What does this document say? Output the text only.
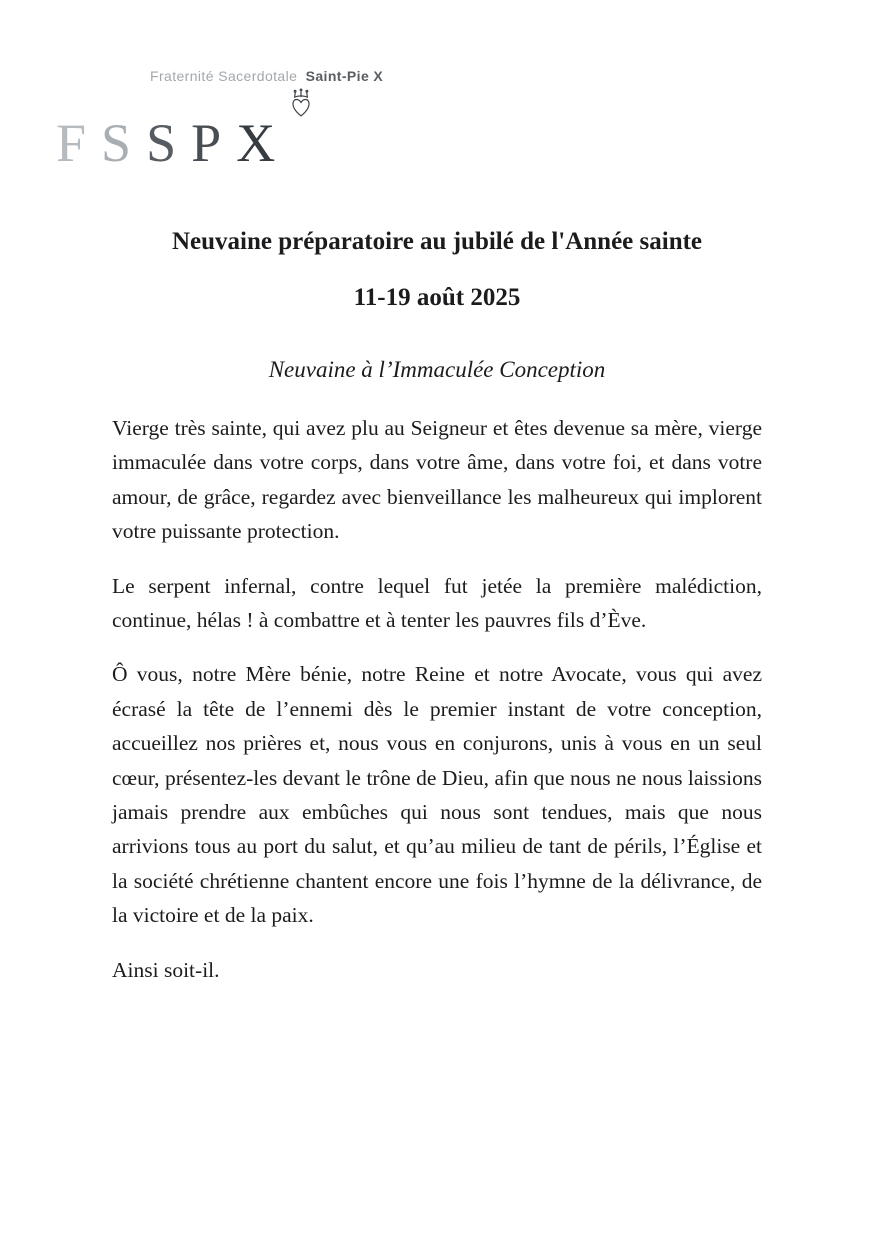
Fraternité Sacerdotale Saint-Pie X
FSSPX
Neuvaine préparatoire au jubilé de l'Année sainte
11-19 août 2025
Neuvaine à l’Immaculée Conception

Vierge très sainte, qui avez plu au Seigneur et êtes devenue sa mère, vierge immaculée dans votre corps, dans votre âme, dans votre foi, et dans votre amour, de grâce, regardez avec bienveillance les malheureux qui implorent votre puissante protection.

Le serpent infernal, contre lequel fut jetée la première malédiction, continue, hélas ! à combattre et à tenter les pauvres fils d’Ève.

Ô vous, notre Mère bénie, notre Reine et notre Avocate, vous qui avez écrasé la tête de l’ennemi dès le premier instant de votre conception, accueillez nos prières et, nous vous en conjurons, unis à vous en un seul cœur, présentez-les devant le trône de Dieu, afin que nous ne nous laissions jamais prendre aux embûches qui nous sont tendues, mais que nous arrivions tous au port du salut, et qu’au milieu de tant de périls, l’Église et la société chrétienne chantent encore une fois l’hymne de la délivrance, de la victoire et de la paix.

Ainsi soit-il.
